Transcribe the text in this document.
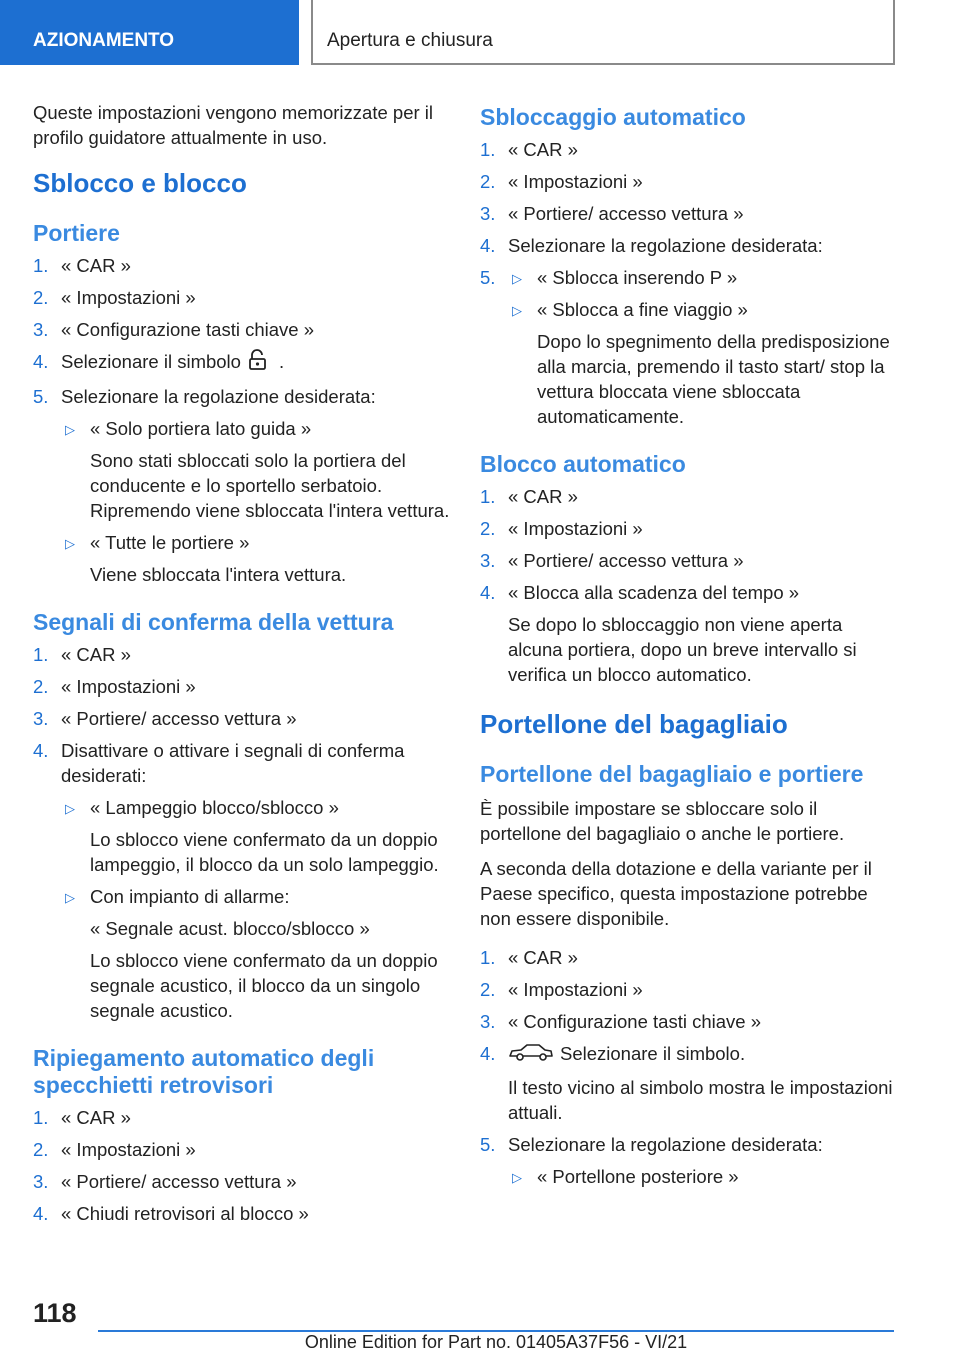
AZIONAMENTO	Apertura e chiusura

Queste impostazioni vengono memorizzate per il profilo guidatore attualmente in uso.

Sblocco e blocco
Portiere
1. « CAR »
2. « Impostazioni »
3. « Configurazione tasti chiave »
4. Selezionare il simbolo .
5. Selezionare la regolazione desiderata:
▷ « Solo portiera lato guida »
Sono stati sbloccati solo la portiera del conducente e lo sportello serbatoio. Ripremendo viene sbloccata l'intera vettura.
▷ « Tutte le portiere »
Viene sbloccata l'intera vettura.
Segnali di conferma della vettura
1. « CAR »
2. « Impostazioni »
3. « Portiere/ accesso vettura »
4. Disattivare o attivare i segnali di conferma desiderati:
▷ « Lampeggio blocco/sblocco »
Lo sblocco viene confermato da un doppio lampeggio, il blocco da un solo lampeggio.
▷ Con impianto di allarme:
« Segnale acust. blocco/sblocco »
Lo sblocco viene confermato da un doppio segnale acustico, il blocco da un singolo segnale acustico.
Ripiegamento automatico degli specchietti retrovisori
1. « CAR »
2. « Impostazioni »
3. « Portiere/ accesso vettura »
4. « Chiudi retrovisori al blocco »
Sbloccaggio automatico
1. « CAR »
2. « Impostazioni »
3. « Portiere/ accesso vettura »
4. Selezionare la regolazione desiderata:
5. ▷ « Sblocca inserendo P »
▷ « Sblocca a fine viaggio »
Dopo lo spegnimento della predisposizione alla marcia, premendo il tasto start/ stop la vettura bloccata viene sbloccata automaticamente.
Blocco automatico
1. « CAR »
2. « Impostazioni »
3. « Portiere/ accesso vettura »
4. « Blocca alla scadenza del tempo »
Se dopo lo sbloccaggio non viene aperta alcuna portiera, dopo un breve intervallo si verifica un blocco automatico.
Portellone del bagagliaio
Portellone del bagagliaio e portiere

È possibile impostare se sbloccare solo il portellone del bagagliaio o anche le portiere.

A seconda della dotazione e della variante per il Paese specifico, questa impostazione potrebbe non essere disponibile.

1. « CAR »
2. « Impostazioni »
3. « Configurazione tasti chiave »
4.	Selezionare il simbolo.
Il testo vicino al simbolo mostra le impostazioni attuali.
5. Selezionare la regolazione desiderata:
▷ « Portellone posteriore »
118
Online Edition for Part no. 01405A37F56 - VI/21
